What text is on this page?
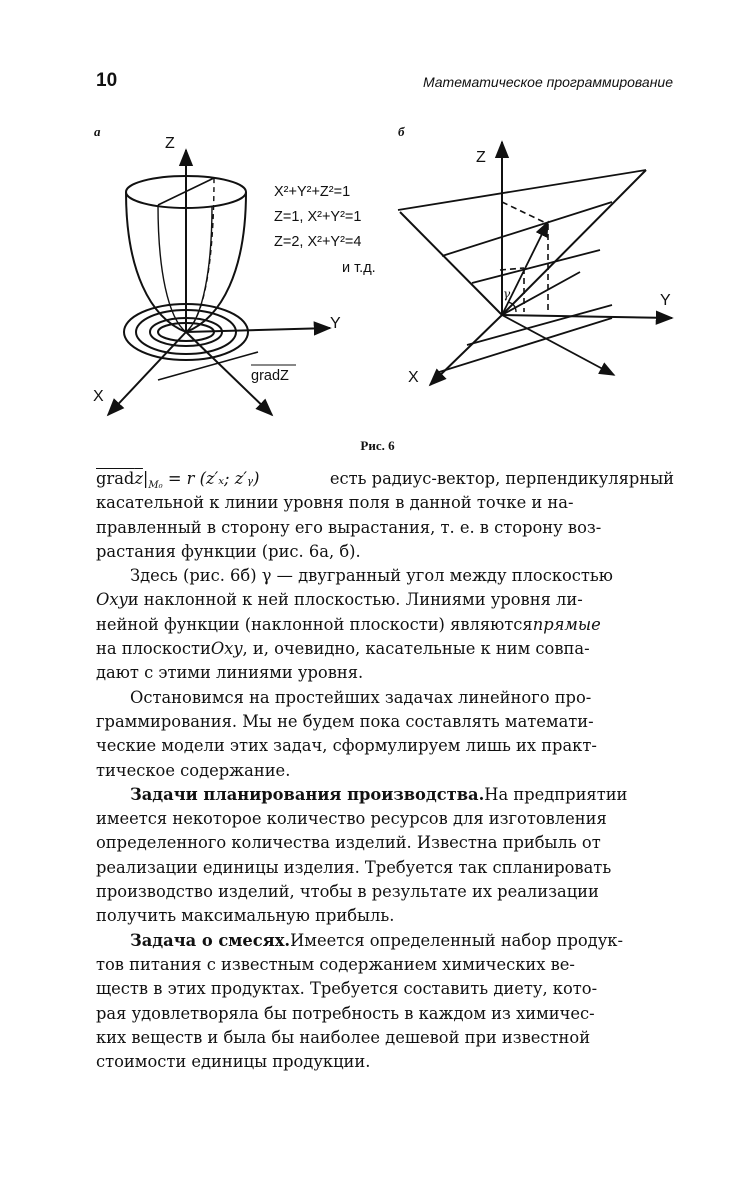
10	Математическое программирование
а
Z
Y
X
X²+Y²+Z²=1
Z=1, X²+Y²=1
Z=2, X²+Y²=4
и т.д.
gradZ
б
Z
Y
X
γ
Рис. 6
$grad\overline{z}|_{M_0} = r$ (z′ₓ; z′ᵧ)	есть радиус-вектор, перпендикулярный
касательной к линии уровня поля в данной точке и на-
правленный в сторону его вырастания, т. е. в сторону воз-
растания функции (рис. 6а, б).
Здесь (рис. 6б) γ — двугранный угол между плоскостью
Oxy и наклонной к ней плоскостью. Линиями уровня ли-
нейной функции (наклонной плоскости) являются прямые
на плоскости Oxy , и, очевидно, касательные к ним совпа-
дают с этими линиями уровня.
Остановимся на простейших задачах линейного про-
граммирования. Мы не будем пока составлять математи-
ческие модели этих задач, сформулируем лишь их практ-
тическое содержание.
Задачи планирования производства. На предприятии
имеется некоторое количество ресурсов для изготовления
определенного количества изделий. Известна прибыль от
реализации единицы изделия. Требуется так спланировать
производство изделий, чтобы в результате их реализации
получить максимальную прибыль.
Задача о смесях. Имеется определенный набор продук-
тов питания с известным содержанием химических ве-
ществ в этих продуктах. Требуется составить диету, кото-
рая удовлетворяла бы потребность в каждом из химичес-
ких веществ и была бы наиболее дешевой при известной
стоимости единицы продукции.
